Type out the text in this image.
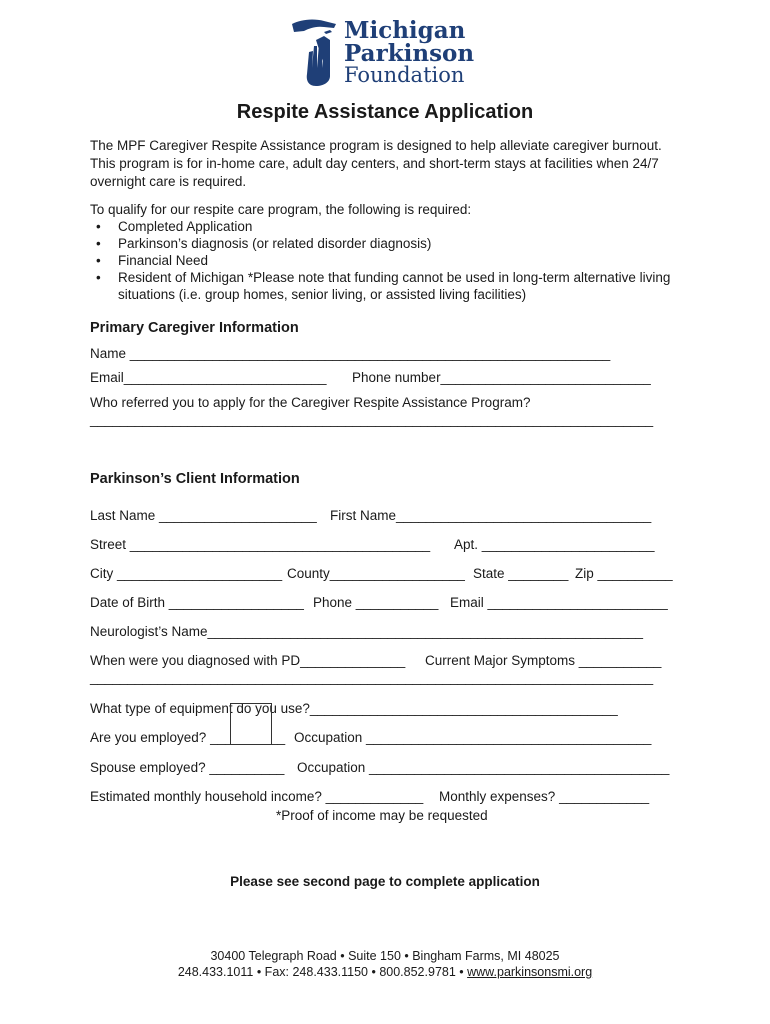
Michigan
Parkinson
Foundation
Respite Assistance Application
The MPF Caregiver Respite Assistance program is designed to help alleviate caregiver burnout. This program is for in-home care, adult day centers, and short-term stays at facilities when 24/7 overnight care is required.
To qualify for our respite care program, the following is required:
• Completed Application
• Parkinson’s diagnosis (or related disorder diagnosis)
• Financial Need
• Resident of Michigan *Please note that funding cannot be used in long-term alternative living situations (i.e. group homes, senior living, or assisted living facilities)
Primary Caregiver Information
Name ________________________________________________________________
Email___________________________ Phone number____________________________
Who referred you to apply for the Caregiver Respite Assistance Program?
___________________________________________________________________________
Parkinson’s Client Information
Last Name _____________________ First Name__________________________________
Street ________________________________________ Apt. _______________________
City ______________________ County__________________ State ________ Zip __________
Date of Birth __________________ Phone ___________ Email ________________________
Neurologist’s Name__________________________________________________________
When were you diagnosed with PD______________ Current Major Symptoms ___________
___________________________________________________________________________
What type of equipment do you use?_________________________________________
Are you employed? __________ Occupation ______________________________________
Spouse employed? __________ Occupation ________________________________________
Estimated monthly household income? _____________ Monthly expenses? ____________
*Proof of income may be requested
Please see second page to complete application
30400 Telegraph Road • Suite 150 • Bingham Farms, MI 48025
248.433.1011 • Fax: 248.433.1150 • 800.852.9781 • www.parkinsonsmi.org
